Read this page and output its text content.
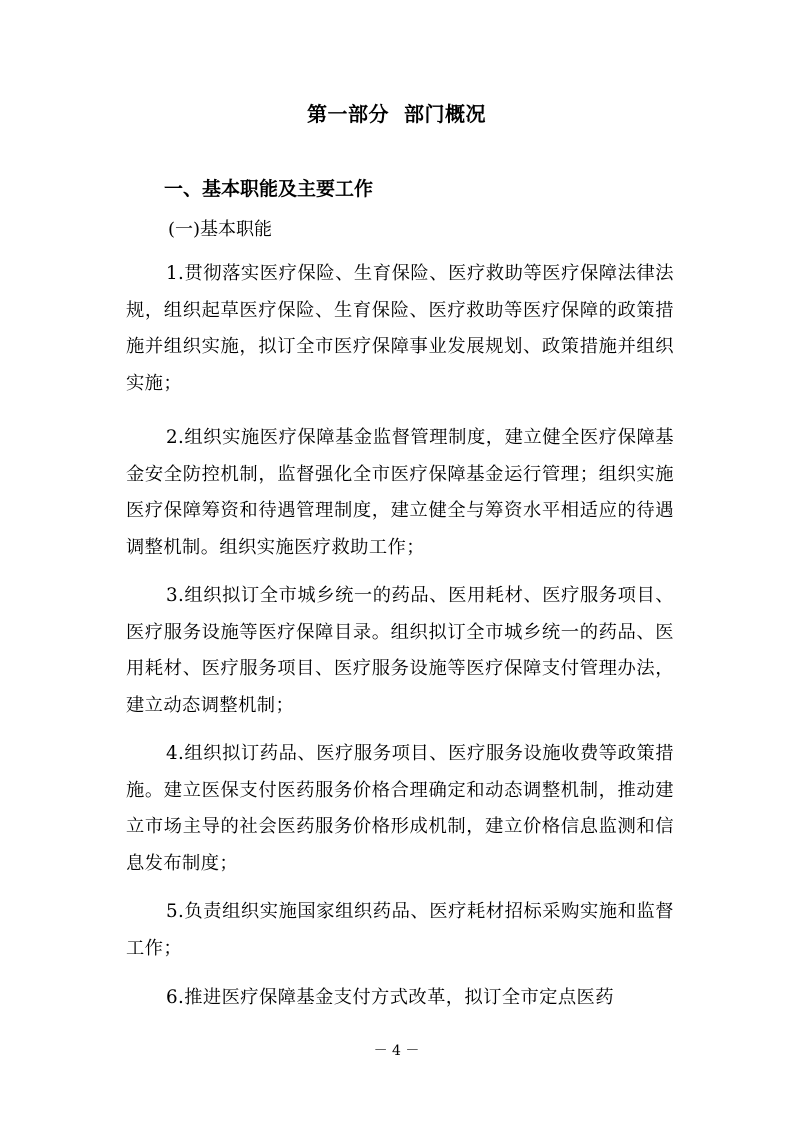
第一部分  部门概况
一、基本职能及主要工作
(一)基本职能

1.贯彻落实医疗保险、生育保险、医疗救助等医疗保障法律法规，组织起草医疗保险、生育保险、医疗救助等医疗保障的政策措施并组织实施，拟订全市医疗保障事业发展规划、政策措施并组织实施；

2.组织实施医疗保障基金监督管理制度，建立健全医疗保障基金安全防控机制，监督强化全市医疗保障基金运行管理；组织实施医疗保障筹资和待遇管理制度，建立健全与筹资水平相适应的待遇调整机制。组织实施医疗救助工作；

3.组织拟订全市城乡统一的药品、医用耗材、医疗服务项目、医疗服务设施等医疗保障目录。组织拟订全市城乡统一的药品、医用耗材、医疗服务项目、医疗服务设施等医疗保障支付管理办法，建立动态调整机制；

4.组织拟订药品、医疗服务项目、医疗服务设施收费等政策措施。建立医保支付医药服务价格合理确定和动态调整机制，推动建立市场主导的社会医药服务价格形成机制，建立价格信息监测和信息发布制度；

5.负责组织实施国家组织药品、医疗耗材招标采购实施和监督工作；

6.推进医疗保障基金支付方式改革，拟订全市定点医药

－ 4 －
